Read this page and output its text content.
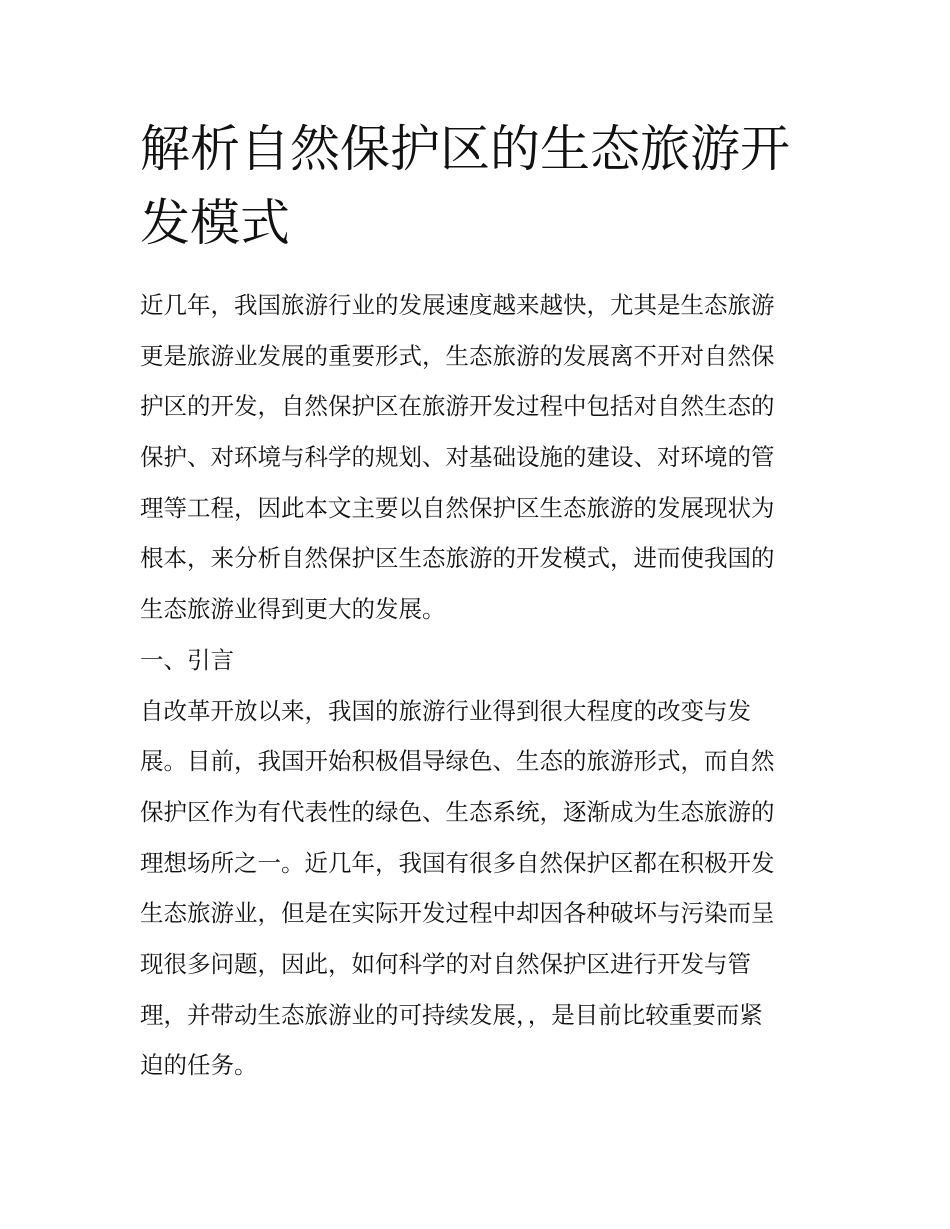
解析自然保护区的生态旅游开
发模式
近几年，我国旅游行业的发展速度越来越快，尤其是生态旅游
更是旅游业发展的重要形式，生态旅游的发展离不开对自然保
护区的开发，自然保护区在旅游开发过程中包括对自然生态的
保护、对环境与科学的规划、对基础设施的建设、对环境的管
理等工程，因此本文主要以自然保护区生态旅游的发展现状为
根本，来分析自然保护区生态旅游的开发模式，进而使我国的
生态旅游业得到更大的发展。
一、引言
自改革开放以来，我国的旅游行业得到很大程度的改变与发
展。目前，我国开始积极倡导绿色、生态的旅游形式，而自然
保护区作为有代表性的绿色、生态系统，逐渐成为生态旅游的
理想场所之一。近几年，我国有很多自然保护区都在积极开发
生态旅游业，但是在实际开发过程中却因各种破坏与污染而呈
现很多问题，因此，如何科学的对自然保护区进行开发与管
理，并带动生态旅游业的可持续发展，，是目前比较重要而紧
迫的任务。
